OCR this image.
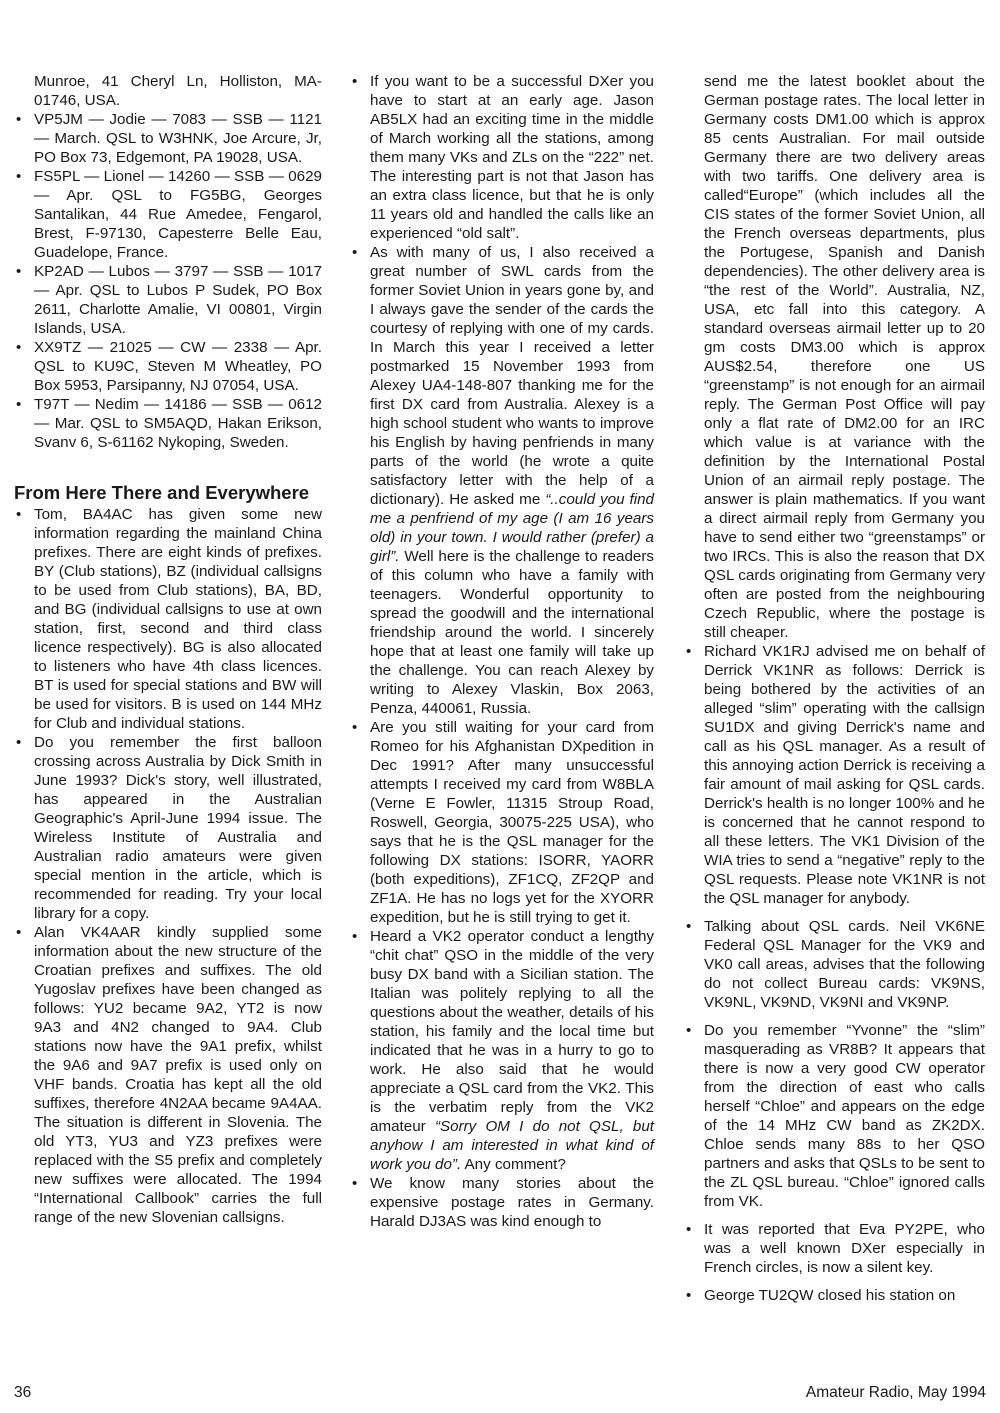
Munroe, 41 Cheryl Ln, Holliston, MA-01746, USA.

• VP5JM — Jodie — 7083 — SSB — 1121 — March. QSL to W3HNK, Joe Arcure, Jr, PO Box 73, Edgemont, PA 19028, USA.

• FS5PL — Lionel — 14260 — SSB — 0629 — Apr. QSL to FG5BG, Georges Santalikan, 44 Rue Amedee, Fengarol, Brest, F-97130, Capesterre Belle Eau, Guadelope, France.

• KP2AD — Lubos — 3797 — SSB — 1017 — Apr. QSL to Lubos P Sudek, PO Box 2611, Charlotte Amalie, VI 00801, Virgin Islands, USA.

• XX9TZ — 21025 — CW — 2338 — Apr. QSL to KU9C, Steven M Wheatley, PO Box 5953, Parsipanny, NJ 07054, USA.

• T97T — Nedim — 14186 — SSB — 0612 — Mar. QSL to SM5AQD, Hakan Erikson, Svanv 6, S-61162 Nykoping, Sweden.

From Here There and Everywhere
• Tom, BA4AC has given some new information regarding the mainland China prefixes. There are eight kinds of prefixes. BY (Club stations), BZ (individual callsigns to be used from Club stations), BA, BD, and BG (individual callsigns to use at own station, first, second and third class licence respectively). BG is also allocated to listeners who have 4th class licences. BT is used for special stations and BW will be used for visitors. B is used on 144 MHz for Club and individual stations.

• Do you remember the first balloon crossing across Australia by Dick Smith in June 1993? Dick's story, well illustrated, has appeared in the Australian Geographic's April-June 1994 issue. The Wireless Institute of Australia and Australian radio amateurs were given special mention in the article, which is recommended for reading. Try your local library for a copy.

• Alan VK4AAR kindly supplied some information about the new structure of the Croatian prefixes and suffixes. The old Yugoslav prefixes have been changed as follows: YU2 became 9A2, YT2 is now 9A3 and 4N2 changed to 9A4. Club stations now have the 9A1 prefix, whilst the 9A6 and 9A7 prefix is used only on VHF bands. Croatia has kept all the old suffixes, therefore 4N2AA became 9A4AA. The situation is different in Slovenia. The old YT3, YU3 and YZ3 prefixes were replaced with the S5 prefix and completely new suffixes were allocated. The 1994 “International Callbook” carries the full range of the new Slovenian callsigns.

• If you want to be a successful DXer you have to start at an early age. Jason AB5LX had an exciting time in the middle of March working all the stations, among them many VKs and ZLs on the “222” net. The interesting part is not that Jason has an extra class licence, but that he is only 11 years old and handled the calls like an experienced “old salt”.

• As with many of us, I also received a great number of SWL cards from the former Soviet Union in years gone by, and I always gave the sender of the cards the courtesy of replying with one of my cards. In March this year I received a letter postmarked 15 November 1993 from Alexey UA4-148-807 thanking me for the first DX card from Australia. Alexey is a high school student who wants to improve his English by having penfriends in many parts of the world (he wrote a quite satisfactory letter with the help of a dictionary). He asked me “..could you find me a penfriend of my age (I am 16 years old) in your town. I would rather (prefer) a girl”. Well here is the challenge to readers of this column who have a family with teenagers. Wonderful opportunity to spread the goodwill and the international friendship around the world. I sincerely hope that at least one family will take up the challenge. You can reach Alexey by writing to Alexey Vlaskin, Box 2063, Penza, 440061, Russia.

• Are you still waiting for your card from Romeo for his Afghanistan DXpedition in Dec 1991? After many unsuccessful attempts I received my card from W8BLA (Verne E Fowler, 11315 Stroup Road, Roswell, Georgia, 30075-225 USA), who says that he is the QSL manager for the following DX stations: ISORR, YAORR (both expeditions), ZF1CQ, ZF2QP and ZF1A. He has no logs yet for the XYORR expedition, but he is still trying to get it.

• Heard a VK2 operator conduct a lengthy “chit chat” QSO in the middle of the very busy DX band with a Sicilian station. The Italian was politely replying to all the questions about the weather, details of his station, his family and the local time but indicated that he was in a hurry to go to work. He also said that he would appreciate a QSL card from the VK2. This is the verbatim reply from the VK2 amateur “Sorry OM I do not QSL, but anyhow I am interested in what kind of work you do”. Any comment?

• We know many stories about the expensive postage rates in Germany. Harald DJ3AS was kind enough to

send me the latest booklet about the German postage rates. The local letter in Germany costs DM1.00 which is approx 85 cents Australian. For mail outside Germany there are two delivery areas with two tariffs. One delivery area is called“Europe” (which includes all the CIS states of the former Soviet Union, all the French overseas departments, plus the Portugese, Spanish and Danish dependencies). The other delivery area is “the rest of the World”. Australia, NZ, USA, etc fall into this category. A standard overseas airmail letter up to 20 gm costs DM3.00 which is approx AUS$2.54, therefore one US “greenstamp” is not enough for an airmail reply. The German Post Office will pay only a flat rate of DM2.00 for an IRC which value is at variance with the definition by the International Postal Union of an airmail reply postage. The answer is plain mathematics. If you want a direct airmail reply from Germany you have to send either two “greenstamps” or two IRCs. This is also the reason that DX QSL cards originating from Germany very often are posted from the neighbouring Czech Republic, where the postage is still cheaper.

• Richard VK1RJ advised me on behalf of Derrick VK1NR as follows: Derrick is being bothered by the activities of an alleged “slim” operating with the callsign SU1DX and giving Derrick's name and call as his QSL manager. As a result of this annoying action Derrick is receiving a fair amount of mail asking for QSL cards. Derrick's health is no longer 100% and he is concerned that he cannot respond to all these letters. The VK1 Division of the WIA tries to send a “negative” reply to the QSL requests. Please note VK1NR is not the QSL manager for anybody.

• Talking about QSL cards. Neil VK6NE Federal QSL Manager for the VK9 and VK0 call areas, advises that the following do not collect Bureau cards: VK9NS, VK9NL, VK9ND, VK9NI and VK9NP.

• Do you remember “Yvonne” the “slim” masquerading as VR8B? It appears that there is now a very good CW operator from the direction of east who calls herself “Chloe” and appears on the edge of the 14 MHz CW band as ZK2DX. Chloe sends many 88s to her QSO partners and asks that QSLs to be sent to the ZL QSL bureau. “Chloe” ignored calls from VK.

• It was reported that Eva PY2PE, who was a well known DXer especially in French circles, is now a silent key.

• George TU2QW closed his station on

36	Amateur Radio, May 1994
